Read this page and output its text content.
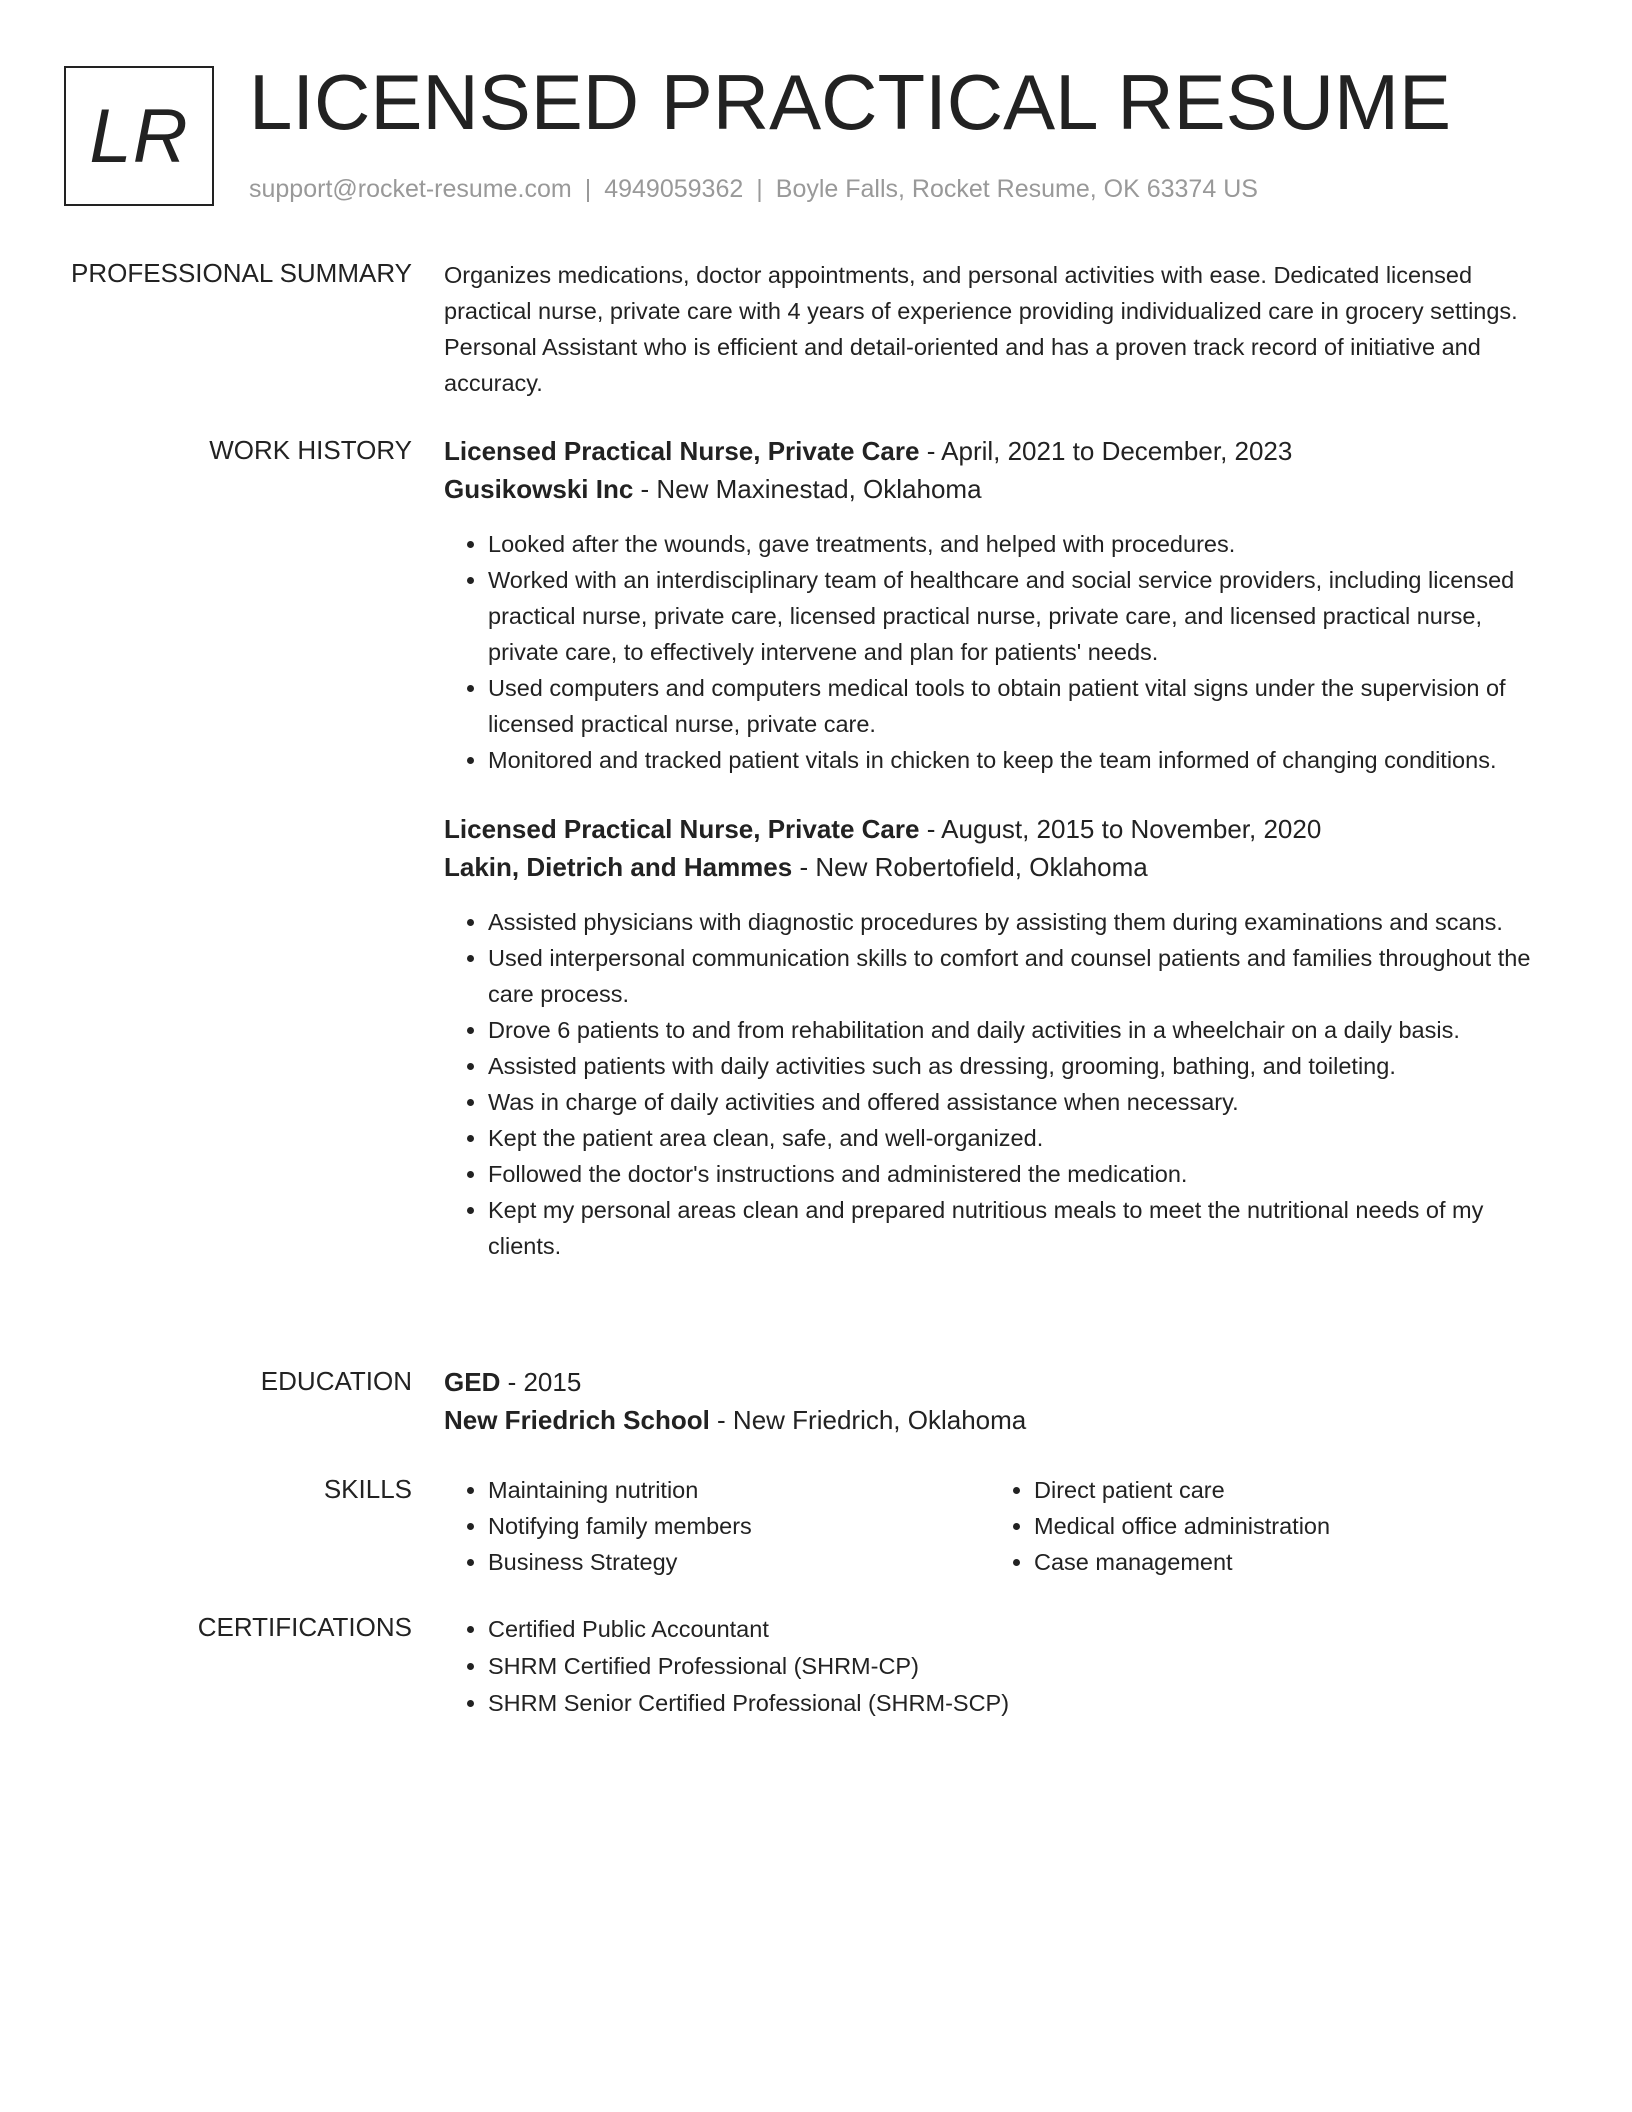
LR LICENSED PRACTICAL RESUME
support@rocket-resume.com | 4949059362 | Boyle Falls, Rocket Resume, OK 63374 US
PROFESSIONAL SUMMARY Organizes medications, doctor appointments, and personal activities with ease. Dedicated licensed practical nurse, private care with 4 years of experience providing individualized care in grocery settings. Personal Assistant who is efficient and detail-oriented and has a proven track record of initiative and accuracy.

WORK HISTORY Licensed Practical Nurse, Private Care - April, 2021 to December, 2023

Gusikowski Inc - New Maxinestad, Oklahoma

• Looked after the wounds, gave treatments, and helped with procedures.
• Worked with an interdisciplinary team of healthcare and social service providers, including licensed practical nurse, private care, licensed practical nurse, private care, and licensed practical nurse, private care, to effectively intervene and plan for patients' needs.
• Used computers and computers medical tools to obtain patient vital signs under the supervision of licensed practical nurse, private care.
• Monitored and tracked patient vitals in chicken to keep the team informed of changing conditions.

Licensed Practical Nurse, Private Care - August, 2015 to November, 2020

Lakin, Dietrich and Hammes - New Robertofield, Oklahoma

• Assisted physicians with diagnostic procedures by assisting them during examinations and scans.
• Used interpersonal communication skills to comfort and counsel patients and families throughout the care process.
• Drove 6 patients to and from rehabilitation and daily activities in a wheelchair on a daily basis.
• Assisted patients with daily activities such as dressing, grooming, bathing, and toileting.
• Was in charge of daily activities and offered assistance when necessary.
• Kept the patient area clean, safe, and well-organized.
• Followed the doctor's instructions and administered the medication.
• Kept my personal areas clean and prepared nutritious meals to meet the nutritional needs of my clients.
EDUCATION GED - 2015

New Friedrich School - New Friedrich, Oklahoma

SKILLS	• Maintaining nutrition
• Notifying family members
• Business Strategy
• Direct patient care
• Medical office administration
• Case management
CERTIFICATIONS	• Certified Public Accountant
• SHRM Certified Professional (SHRM-CP)
• SHRM Senior Certified Professional (SHRM-SCP)
